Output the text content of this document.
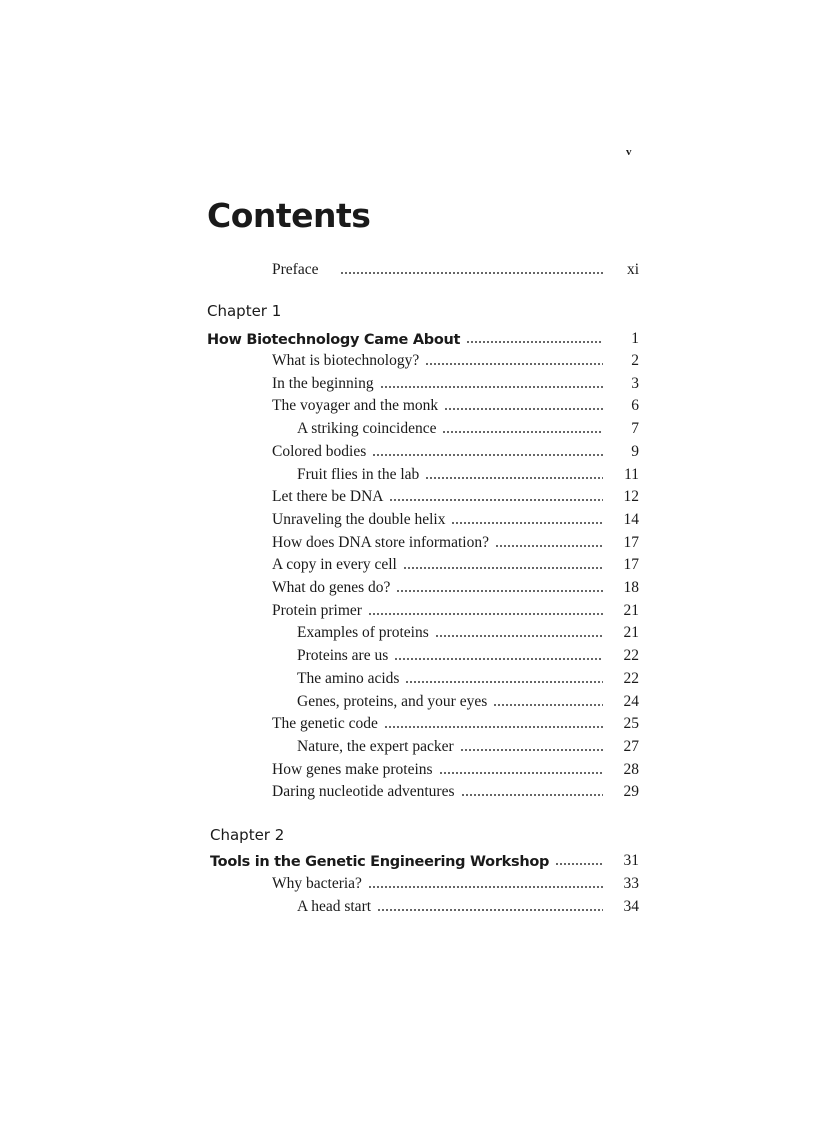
v
Contents
Preface	xi
Chapter 1
How Biotechnology Came About	1
What is biotechnology?	2
In the beginning	3
The voyager and the monk	6
A striking coincidence	7
Colored bodies	9
Fruit flies in the lab	11
Let there be DNA	12
Unraveling the double helix	14
How does DNA store information?	17
A copy in every cell	17
What do genes do?	18
Protein primer	21
Examples of proteins	21
Proteins are us	22
The amino acids	22
Genes, proteins, and your eyes	24
The genetic code	25
Nature, the expert packer	27
How genes make proteins	28
Daring nucleotide adventures	29
Chapter 2
Tools in the Genetic Engineering Workshop	31
Why bacteria?	33
A head start	34
